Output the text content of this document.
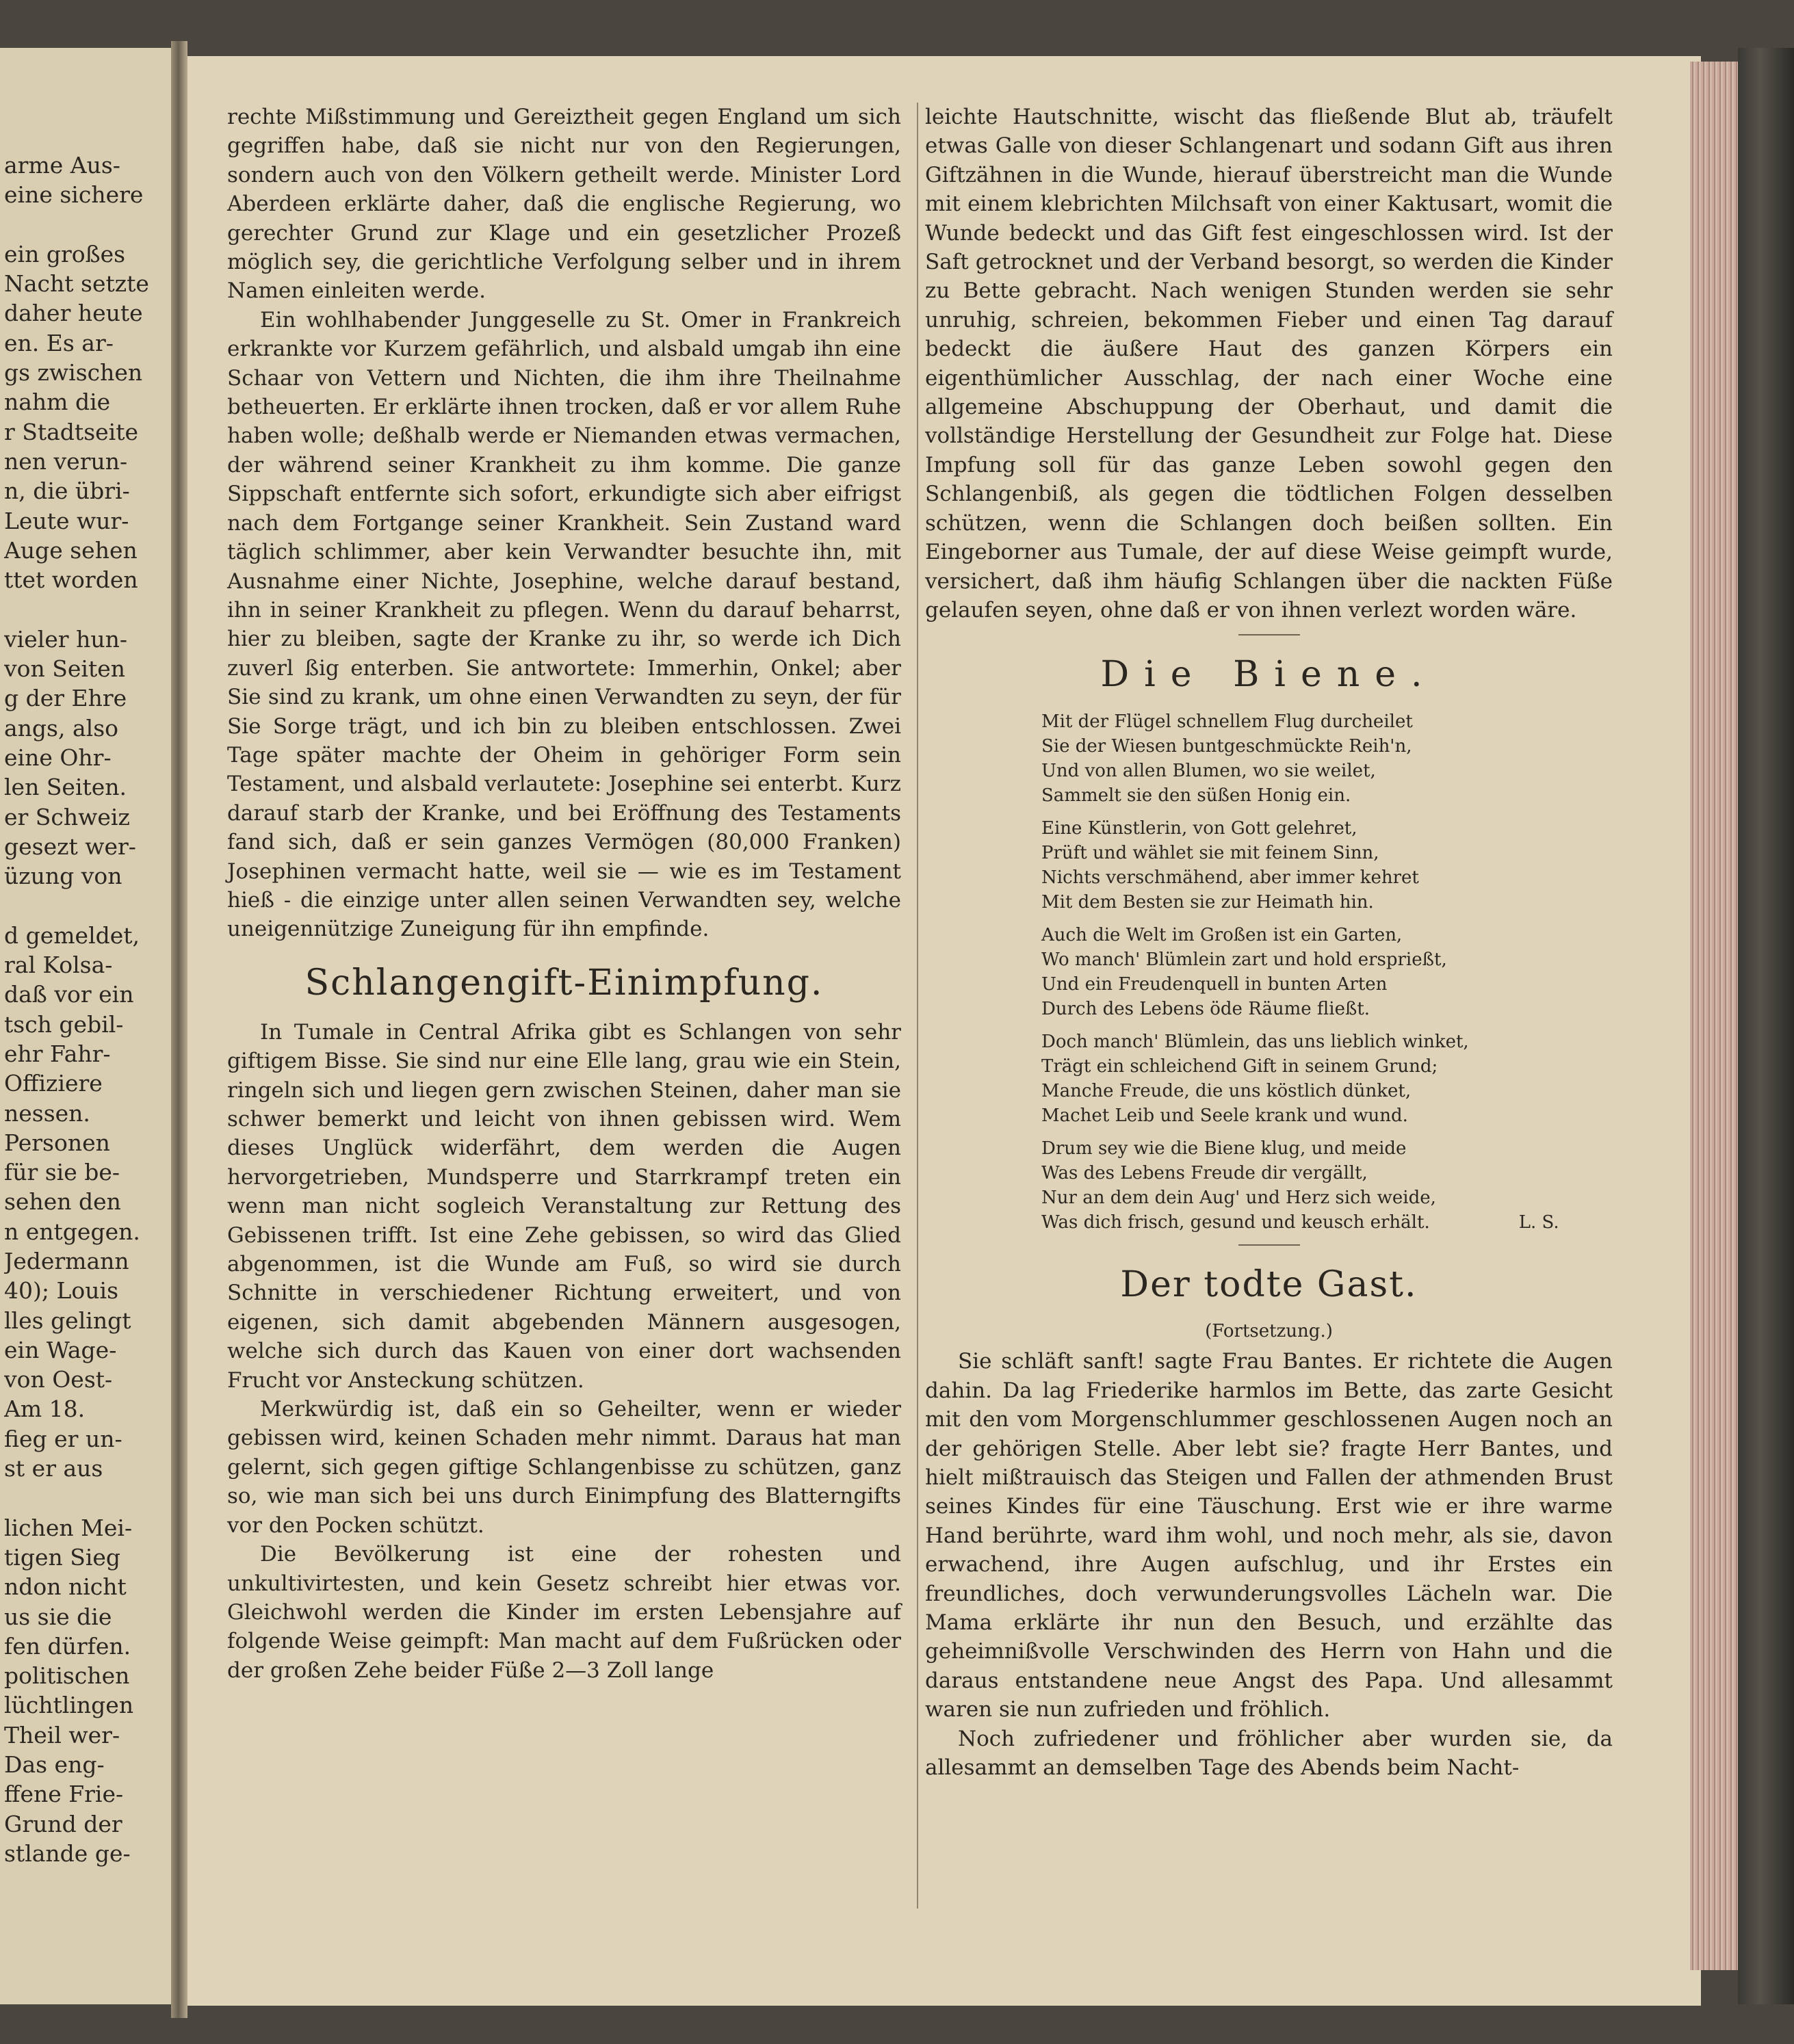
arme Aus-
eine sichere
ein großes
Nacht setzte
daher heute
en. Es ar-
gs zwischen
nahm die
r Stadtseite
nen verun-
n, die übri-
Leute wur-
Auge sehen
ttet worden
vieler hun-
von Seiten
g der Ehre
angs, also
eine Ohr-
len Seiten.
er Schweiz
gesezt wer-
üzung von
d gemeldet,
ral Kolsa-
daß vor ein
tsch gebil-
ehr Fahr-
Offiziere
nessen.
Personen
für sie be-
sehen den
n entgegen.
Jedermann
40); Louis
lles gelingt
ein Wage-
von Oest-
Am 18.
fieg er un-
st er aus
lichen Mei-
tigen Sieg
ndon nicht
us sie die
fen dürfen.
politischen
lüchtlingen
Theil wer-
Das eng-
ffene Frie-
Grund der
stlande ge-

rechte Mißstimmung und Gereiztheit gegen England um sich gegriffen habe, daß sie nicht nur von den Regierungen, sondern auch von den Völkern getheilt werde. Minister Lord Aberdeen erklärte daher, daß die englische Regierung, wo gerechter Grund zur Klage und ein gesetzlicher Prozeß möglich sey, die gerichtliche Verfolgung selber und in ihrem Namen einleiten werde.

Ein wohlhabender Junggeselle zu St. Omer in Frankreich erkrankte vor Kurzem gefährlich, und alsbald umgab ihn eine Schaar von Vettern und Nichten, die ihm ihre Theilnahme betheuerten. Er erklärte ihnen trocken, daß er vor allem Ruhe haben wolle; deßhalb werde er Niemanden etwas vermachen, der während seiner Krankheit zu ihm komme. Die ganze Sippschaft entfernte sich sofort, erkundigte sich aber eifrigst nach dem Fortgange seiner Krankheit. Sein Zustand ward täglich schlimmer, aber kein Verwandter besuchte ihn, mit Ausnahme einer Nichte, Josephine, welche darauf bestand, ihn in seiner Krankheit zu pflegen. Wenn du darauf beharrst, hier zu bleiben, sagte der Kranke zu ihr, so werde ich Dich zuverl ßig enterben. Sie antwortete: Immerhin, Onkel; aber Sie sind zu krank, um ohne einen Verwandten zu seyn, der für Sie Sorge trägt, und ich bin zu bleiben entschlossen. Zwei Tage später machte der Oheim in gehöriger Form sein Testament, und alsbald verlautete: Josephine sei enterbt. Kurz darauf starb der Kranke, und bei Eröffnung des Testaments fand sich, daß er sein ganzes Vermögen (80,000 Franken) Josephinen vermacht hatte, weil sie — wie es im Testament hieß - die einzige unter allen seinen Verwandten sey, welche uneigennützige Zuneigung für ihn empfinde.

Schlangengift-Einimpfung.

In Tumale in Central Afrika gibt es Schlangen von sehr giftigem Bisse. Sie sind nur eine Elle lang, grau wie ein Stein, ringeln sich und liegen gern zwischen Steinen, daher man sie schwer bemerkt und leicht von ihnen gebissen wird. Wem dieses Unglück widerfährt, dem werden die Augen hervorgetrieben, Mundsperre und Starrkrampf treten ein wenn man nicht sogleich Veranstaltung zur Rettung des Gebissenen trifft. Ist eine Zehe gebissen, so wird das Glied abgenommen, ist die Wunde am Fuß, so wird sie durch Schnitte in verschiedener Richtung erweitert, und von eigenen, sich damit abgebenden Männern ausgesogen, welche sich durch das Kauen von einer dort wachsenden Frucht vor Ansteckung schützen.

Merkwürdig ist, daß ein so Geheilter, wenn er wieder gebissen wird, keinen Schaden mehr nimmt. Daraus hat man gelernt, sich gegen giftige Schlangenbisse zu schützen, ganz so, wie man sich bei uns durch Einimpfung des Blatterngifts vor den Pocken schützt.

Die Bevölkerung ist eine der rohesten und unkultivirtesten, und kein Gesetz schreibt hier etwas vor. Gleichwohl werden die Kinder im ersten Lebensjahre auf folgende Weise geimpft: Man macht auf dem Fußrücken oder der großen Zehe beider Füße 2—3 Zoll lange

leichte Hautschnitte, wischt das fließende Blut ab, träufelt etwas Galle von dieser Schlangenart und sodann Gift aus ihren Giftzähnen in die Wunde, hierauf überstreicht man die Wunde mit einem klebrichten Milchsaft von einer Kaktusart, womit die Wunde bedeckt und das Gift fest eingeschlossen wird. Ist der Saft getrocknet und der Verband besorgt, so werden die Kinder zu Bette gebracht. Nach wenigen Stunden werden sie sehr unruhig, schreien, bekommen Fieber und einen Tag darauf bedeckt die äußere Haut des ganzen Körpers ein eigenthümlicher Ausschlag, der nach einer Woche eine allgemeine Abschuppung der Oberhaut, und damit die vollständige Herstellung der Gesundheit zur Folge hat. Diese Impfung soll für das ganze Leben sowohl gegen den Schlangenbiß, als gegen die tödtlichen Folgen desselben schützen, wenn die Schlangen doch beißen sollten. Ein Eingeborner aus Tumale, der auf diese Weise geimpft wurde, versichert, daß ihm häufig Schlangen über die nackten Füße gelaufen seyen, ohne daß er von ihnen verlezt worden wäre.

Die Biene.
Mit der Flügel schnellem Flug durcheilet
Sie der Wiesen buntgeschmückte Reih'n,
Und von allen Blumen, wo sie weilet,
Sammelt sie den süßen Honig ein.
Eine Künstlerin, von Gott gelehret,
Prüft und wählet sie mit feinem Sinn,
Nichts verschmähend, aber immer kehret
Mit dem Besten sie zur Heimath hin.
Auch die Welt im Großen ist ein Garten,
Wo manch' Blümlein zart und hold ersprießt,
Und ein Freudenquell in bunten Arten
Durch des Lebens öde Räume fließt.
Doch manch' Blümlein, das uns lieblich winket,
Trägt ein schleichend Gift in seinem Grund;
Manche Freude, die uns köstlich dünket,
Machet Leib und Seele krank und wund.
Drum sey wie die Biene klug, und meide
Was des Lebens Freude dir vergällt,
Nur an dem dein Aug' und Herz sich weide,
Was dich frisch, gesund und keusch erhält.	L. S.
Der todte Gast.
(Fortsetzung.)

Sie schläft sanft! sagte Frau Bantes. Er richtete die Augen dahin. Da lag Friederike harmlos im Bette, das zarte Gesicht mit den vom Morgenschlummer geschlossenen Augen noch an der gehörigen Stelle. Aber lebt sie? fragte Herr Bantes, und hielt mißtrauisch das Steigen und Fallen der athmenden Brust seines Kindes für eine Täuschung. Erst wie er ihre warme Hand berührte, ward ihm wohl, und noch mehr, als sie, davon erwachend, ihre Augen aufschlug, und ihr Erstes ein freundliches, doch verwunderungsvolles Lächeln war. Die Mama erklärte ihr nun den Besuch, und erzählte das geheimnißvolle Verschwinden des Herrn von Hahn und die daraus entstandene neue Angst des Papa. Und allesammt waren sie nun zufrieden und fröhlich.

Noch zufriedener und fröhlicher aber wurden sie, da allesammt an demselben Tage des Abends beim Nacht-
